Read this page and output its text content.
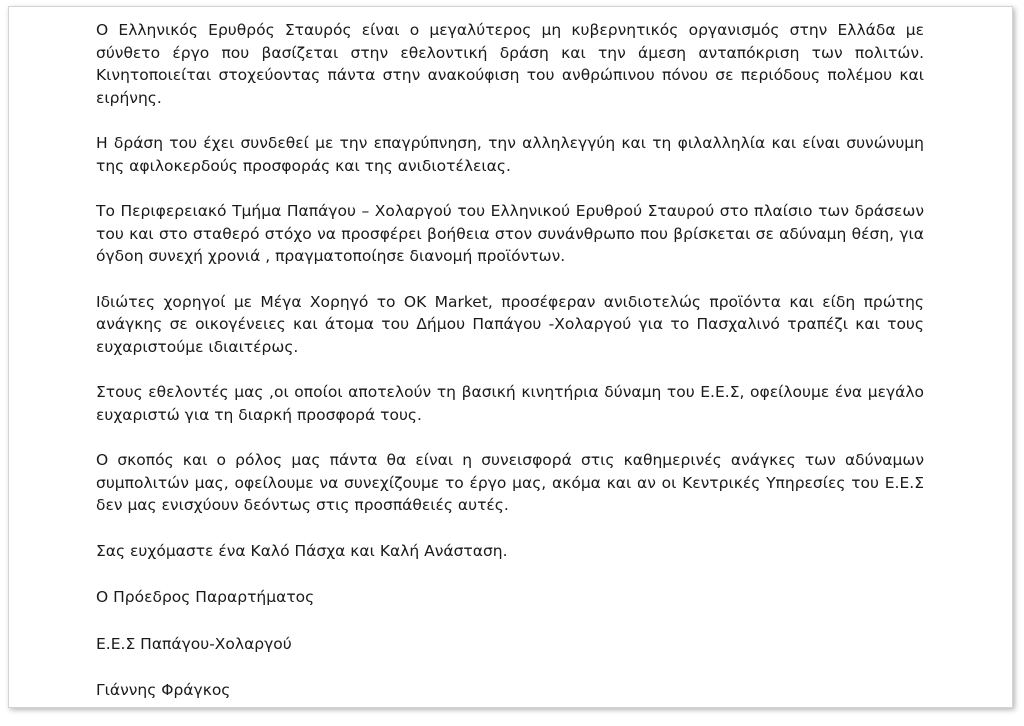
Ο Ελληνικός Ερυθρός Σταυρός είναι ο μεγαλύτερος μη κυβερνητικός οργανισμός στην Ελλάδα με σύνθετο έργο που βασίζεται στην εθελοντική δράση και την άμεση ανταπόκριση των πολιτών. Κινητοποιείται στοχεύοντας πάντα στην ανακούφιση του ανθρώπινου πόνου σε περιόδους πολέμου και ειρήνης.

Η δράση του έχει συνδεθεί με την επαγρύπνηση, την αλληλεγγύη και τη φιλαλληλία και είναι συνώνυμη της αφιλοκερδούς προσφοράς και της ανιδιοτέλειας.

Το Περιφερειακό Τμήμα Παπάγου – Χολαργού του Ελληνικού Ερυθρού Σταυρού στο πλαίσιο των δράσεων του και στο σταθερό στόχο να προσφέρει βοήθεια στον συνάνθρωπο που βρίσκεται σε αδύναμη θέση, για όγδοη συνεχή χρονιά , πραγματοποίησε διανομή προϊόντων.

Ιδιώτες χορηγοί με Μέγα Χορηγό το ΟΚ Market, προσέφεραν ανιδιοτελώς προϊόντα και είδη πρώτης ανάγκης σε οικογένειες και άτομα του Δήμου Παπάγου -Χολαργού για το Πασχαλινό τραπέζι και τους ευχαριστούμε ιδιαιτέρως.

Στους εθελοντές μας ,οι οποίοι αποτελούν τη βασική κινητήρια δύναμη του Ε.Ε.Σ, οφείλουμε ένα μεγάλο ευχαριστώ για τη διαρκή προσφορά τους.

Ο σκοπός και ο ρόλος μας πάντα θα είναι η συνεισφορά στις καθημερινές ανάγκες των αδύναμων συμπολιτών μας, οφείλουμε να συνεχίζουμε το έργο μας, ακόμα και αν οι Κεντρικές Υπηρεσίες του Ε.Ε.Σ δεν μας ενισχύουν δεόντως στις προσπάθειές αυτές.

Σας ευχόμαστε ένα Καλό Πάσχα και Καλή Ανάσταση.

Ο Πρόεδρος Παραρτήματος

Ε.Ε.Σ Παπάγου-Χολαργού

Γιάννης Φράγκος
